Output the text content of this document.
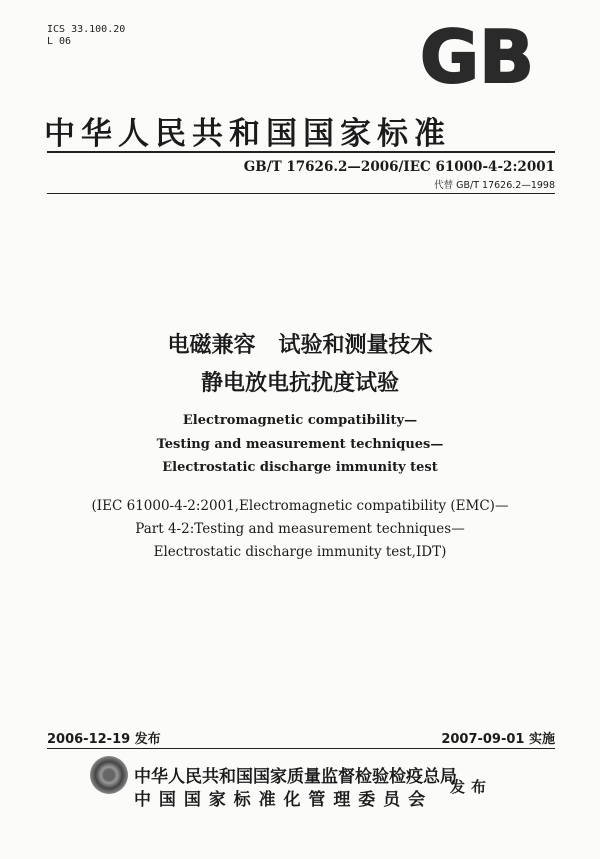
ICS 33.100.20
L 06	GB
中华人民共和国国家标准
GB/T 17626.2—2006/IEC 61000-4-2:2001
代替 GB/T 17626.2—1998
电磁兼容   试验和测量技术
静电放电抗扰度试验
Electromagnetic compatibility—
Testing and measurement techniques—
Electrostatic discharge immunity test
(IEC 61000-4-2:2001,Electromagnetic compatibility (EMC)—
Part 4-2:Testing and measurement techniques—
Electrostatic discharge immunity test,IDT)
2006-12-19 发布	2007-09-01 实施
中华人民共和国国家质量监督检验检疫总局
中 国 国 家 标 准 化 管 理 委 员 会
发布
